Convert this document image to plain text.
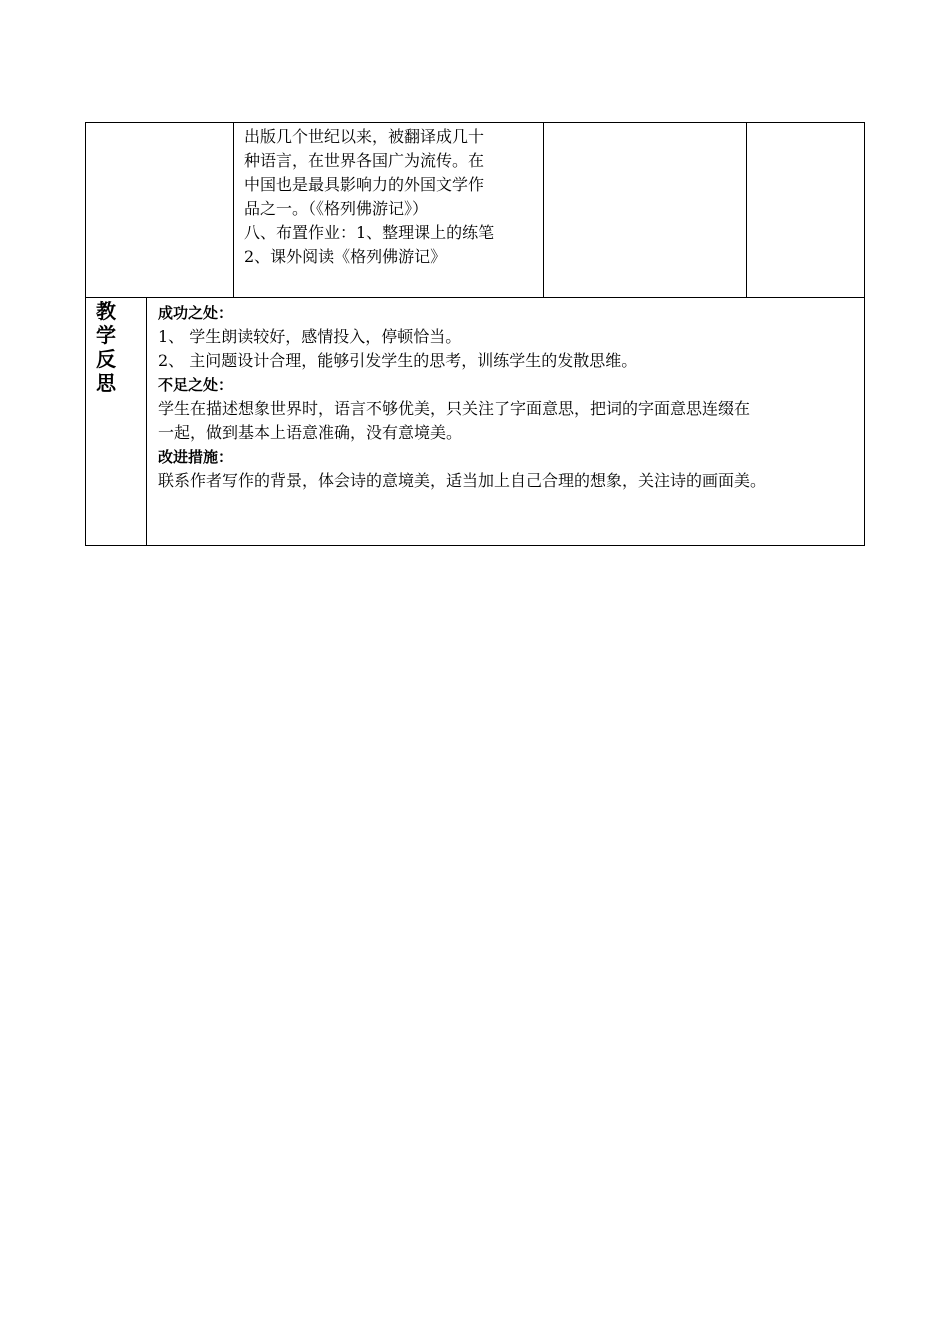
出版几个世纪以来，被翻译成几十
种语言，在世界各国广为流传。在
中国也是最具影响力的外国文学作
品之一。（《格列佛游记》）
八、布置作业：1、整理课上的练笔
2、课外阅读《格列佛游记》
教
学
反
思
成功之处：
1、 学生朗读较好，感情投入，停顿恰当。
2、 主问题设计合理，能够引发学生的思考，训练学生的发散思维。
不足之处：
学生在描述想象世界时，语言不够优美，只关注了字面意思，把词的字面意思连缀在
一起，做到基本上语意准确，没有意境美。
改进措施：
联系作者写作的背景，体会诗的意境美，适当加上自己合理的想象，关注诗的画面美。
